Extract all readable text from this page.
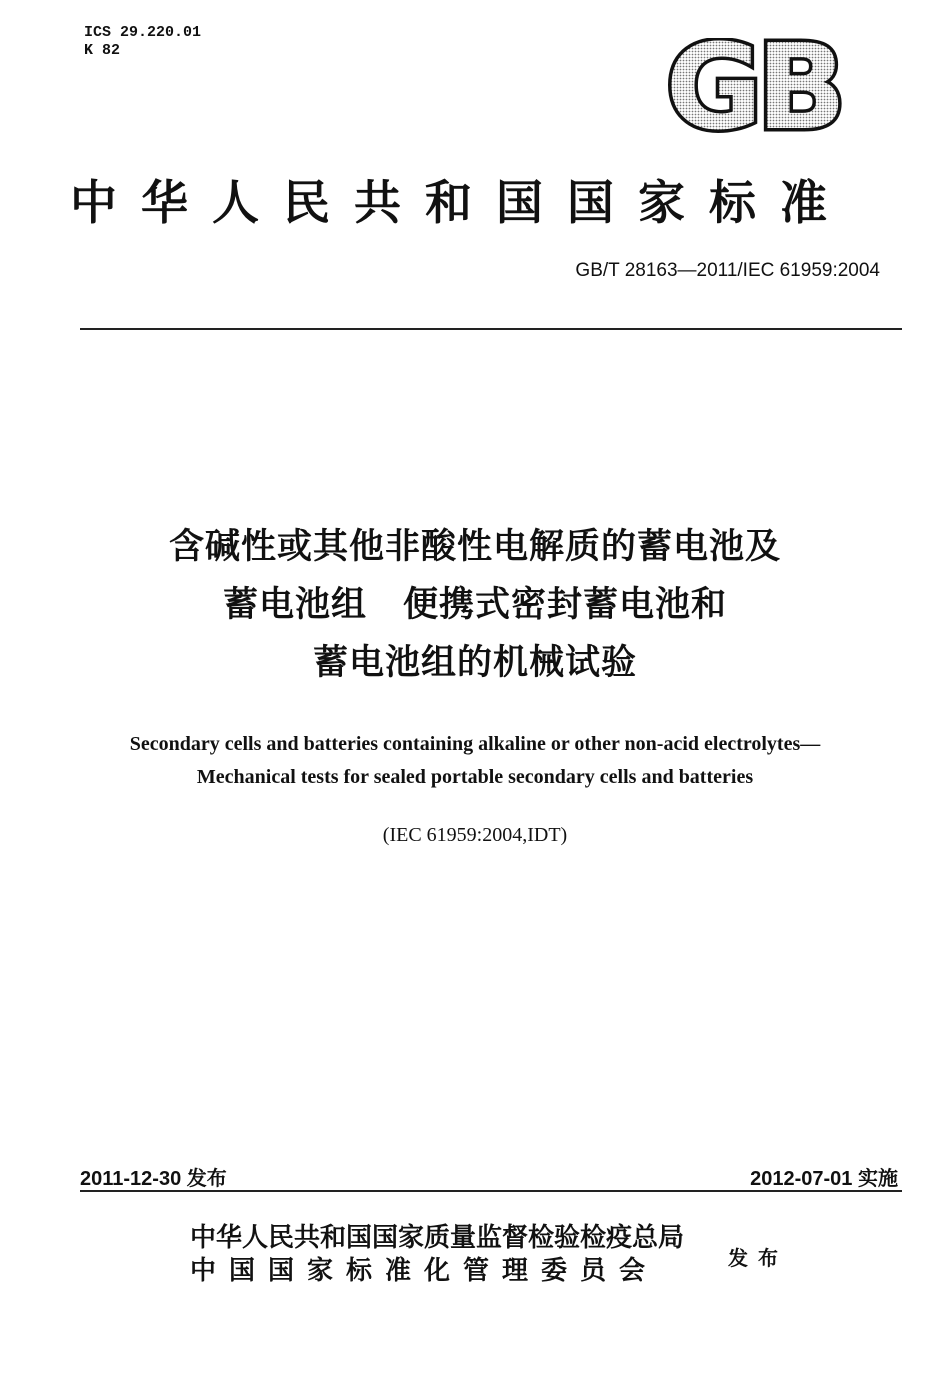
ICS 29.220.01
K 82	GB
中华人民共和国国家标准
GB/T 28163—2011/IEC 61959:2004
含碱性或其他非酸性电解质的蓄电池及
蓄电池组　便携式密封蓄电池和
蓄电池组的机械试验
Secondary cells and batteries containing alkaline or other non-acid electrolytes—
Mechanical tests for sealed portable secondary cells and batteries
(IEC 61959:2004,IDT)
2011-12-30 发布	2012-07-01 实施
中华人民共和国国家质量监督检验检疫总局
中国国家标准化管理委员会	发布
